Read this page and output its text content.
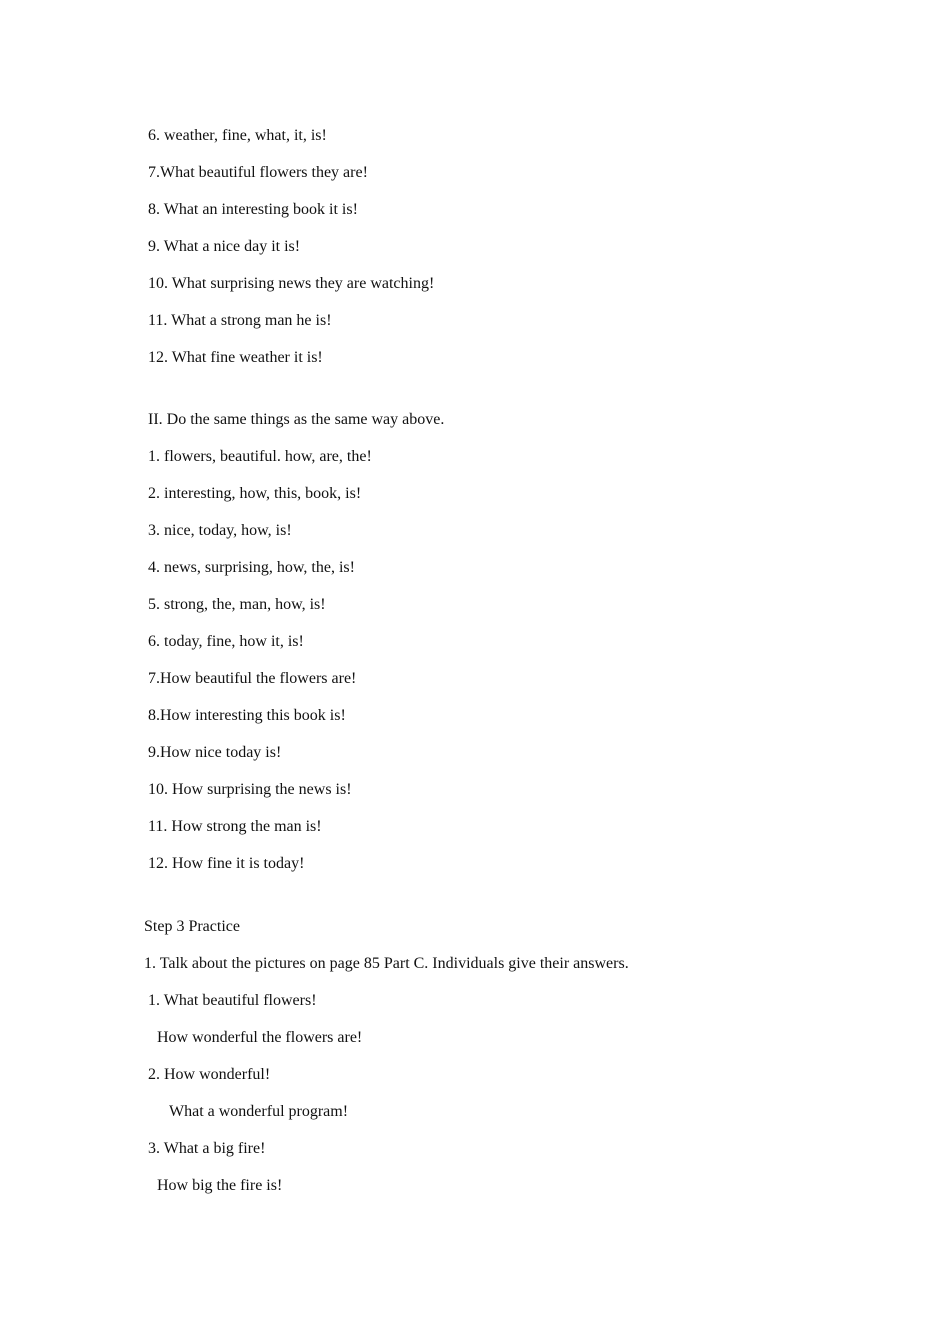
6. weather, fine, what, it, is!
7.What beautiful flowers they are!
8. What an interesting book it is!
9. What a nice day it is!
10. What surprising news they are watching!
11. What a strong man he is!
12. What fine weather it is!
II. Do the same things as the same way above.
1. flowers, beautiful. how, are, the!
2. interesting, how, this, book, is!
3. nice, today, how, is!
4. news, surprising, how, the, is!
5. strong, the, man, how, is!
6. today, fine, how it, is!
7.How beautiful the flowers are!
8.How interesting this book is!
9.How nice today is!
10. How surprising the news is!
11. How strong the man is!
12. How fine it is today!
Step 3 Practice
1. Talk about the pictures on page 85 Part C. Individuals give their answers.
1. What beautiful flowers!
How wonderful the flowers are!
2. How wonderful!
What a wonderful program!
3. What a big fire!
How big the fire is!
